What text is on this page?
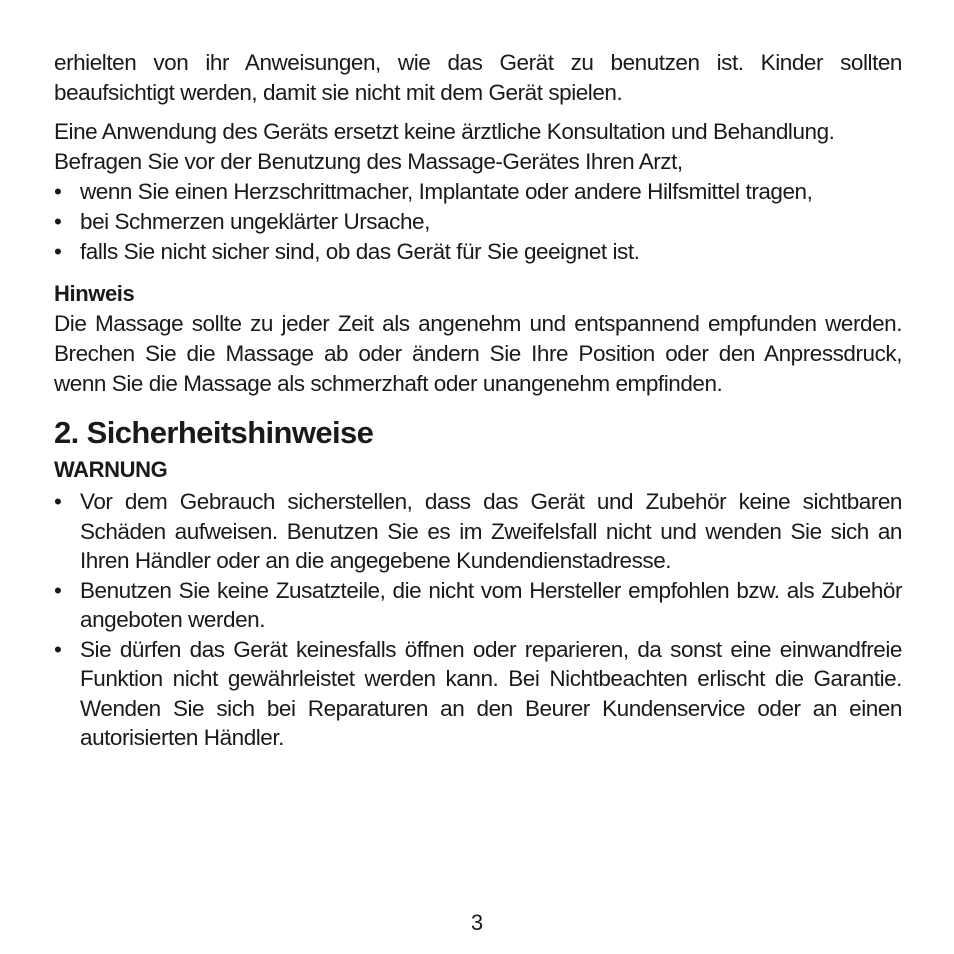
erhielten von ihr Anweisungen, wie das Gerät zu benutzen ist. Kinder sollten beaufsichtigt werden, damit sie nicht mit dem Gerät spielen.

Eine Anwendung des Geräts ersetzt keine ärztliche Konsultation und Behandlung.

Befragen Sie vor der Benutzung des Massage-Gerätes Ihren Arzt,

• wenn Sie einen Herzschrittmacher, Implantate oder andere Hilfsmittel tragen,
• bei Schmerzen ungeklärter Ursache,
• falls Sie nicht sicher sind, ob das Gerät für Sie geeignet ist.
Hinweis

Die Massage sollte zu jeder Zeit als angenehm und entspannend empfunden werden. Brechen Sie die Massage ab oder ändern Sie Ihre Position oder den Anpressdruck, wenn Sie die Massage als schmerzhaft oder unangenehm empfinden.

2. Sicherheitshinweise
WARNUNG
• Vor dem Gebrauch sicherstellen, dass das Gerät und Zubehör keine sichtbaren Schäden aufweisen. Benutzen Sie es im Zweifelsfall nicht und wenden Sie sich an Ihren Händler oder an die angegebene Kundendienstadresse.
• Benutzen Sie keine Zusatzteile, die nicht vom Hersteller empfohlen bzw. als Zubehör angeboten werden.
• Sie dürfen das Gerät keinesfalls öffnen oder reparieren, da sonst eine einwandfreie Funktion nicht gewährleistet werden kann. Bei Nichtbeachten erlischt die Garantie. Wenden Sie sich bei Reparaturen an den Beurer Kundenservice oder an einen autorisierten Händler.
3
